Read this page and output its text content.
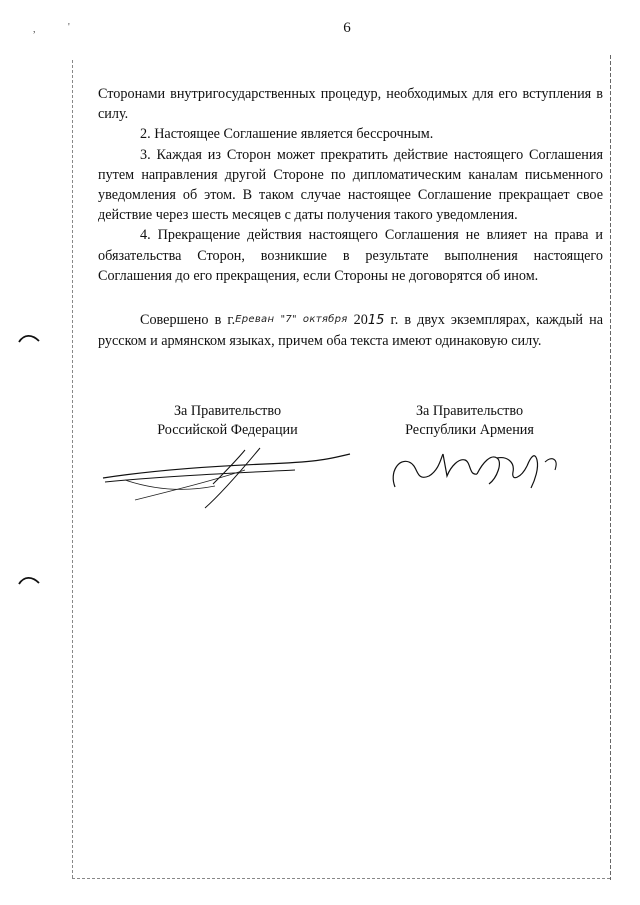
6
,	'

Сторонами внутригосударственных процедур, необходимых для его вступления в силу.

2. Настоящее Соглашение является бессрочным.

3. Каждая из Сторон может прекратить действие настоящего Соглашения путем направления другой Стороне по дипломатическим каналам письменного уведомления об этом. В таком случае настоящее Соглашение прекращает свое действие через шесть месяцев с даты получения такого уведомления.

4. Прекращение действия настоящего Соглашения не влияет на права и обязательства Сторон, возникшие в результате выполнения настоящего Соглашения до его прекращения, если Стороны не договорятся об ином.

Совершено в г.Ереван "7" октября 2015 г. в двух экземплярах, каждый на русском и армянском языках, причем оба текста имеют одинаковую силу.

За Правительство
Российской Федерации
За Правительство
Республики Армения
